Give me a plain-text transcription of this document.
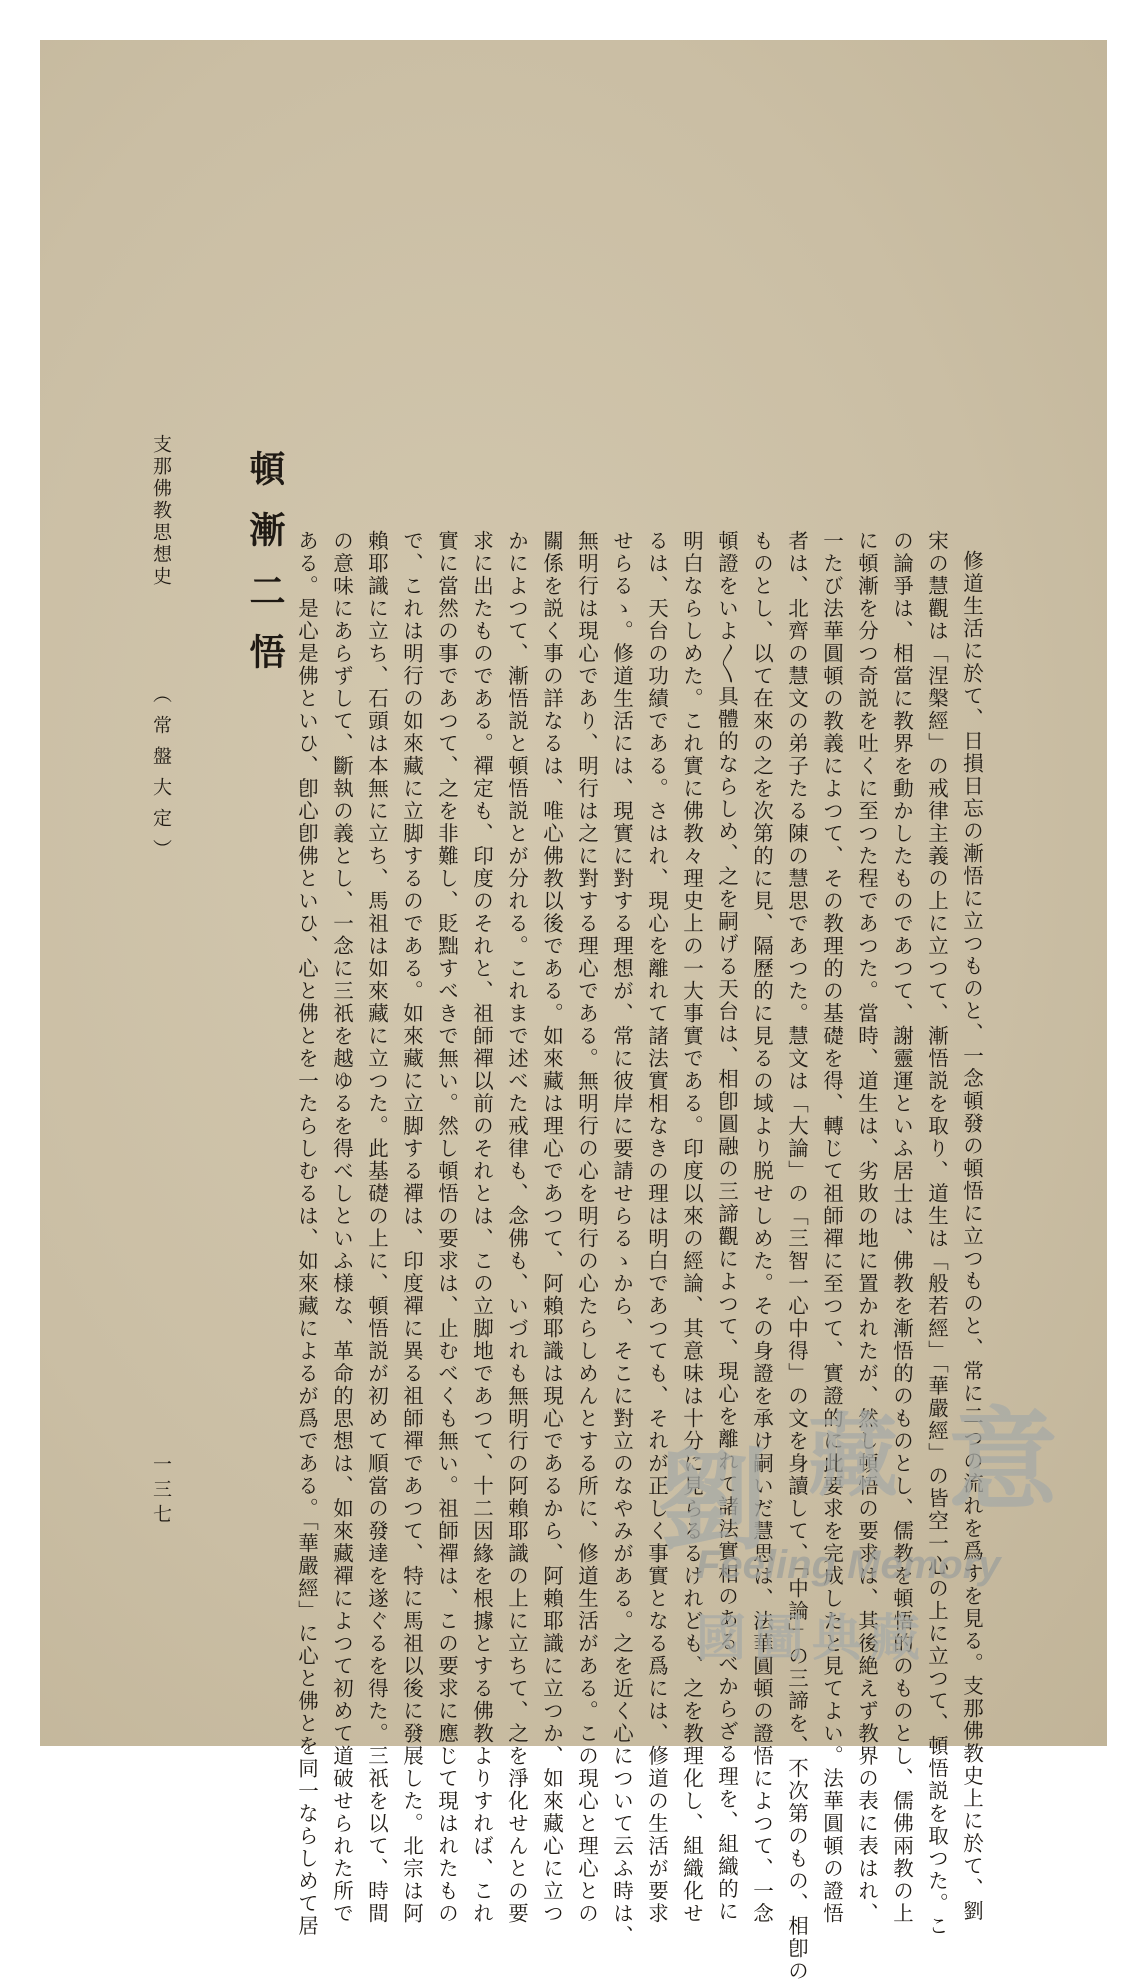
頓漸二悟	修道生活に於て、日損日忘の漸悟に立つものと、一念頓發の頓悟に立つものと、常に二つの流れを爲すを見る。支那佛教史上に於て、劉
宋の慧觀は「涅槃經」の戒律主義の上に立つて、漸悟説を取り、道生は「般若經」「華嚴經」の皆空一心の上に立つて、頓悟説を取つた。こ
の論爭は、相當に教界を動かしたものであつて、謝靈運といふ居士は、佛教を漸悟的のものとし、儒教を頓悟的のものとし、儒佛兩教の上
に頓漸を分つ奇説を吐くに至つた程であつた。當時、道生は、劣敗の地に置かれたが、然し頓悟の要求は、其後絶えず教界の表に表はれ、
一たび法華圓頓の教義によつて、その教理的の基礎を得、轉じて祖師禪に至つて、實證的に此要求を完成したと見てよい。法華圓頓の證悟
者は、北齊の慧文の弟子たる陳の慧思であつた。慧文は「大論」の「三智一心中得」の文を身讀して、「中論」の三諦を、不次第のもの、相卽の
ものとし、以て在來の之を次第的に見、隔歷的に見るの域より脱せしめた。その身證を承け嗣いだ慧思は、法華圓頓の證悟によつて、一念
頓證をいよ〳〵具體的ならしめ、之を嗣げる天台は、相卽圓融の三諦觀によつて、現心を離れて諸法實相のあるべからざる理を、組織的に
明白ならしめた。これ實に佛教々理史上の一大事實である。印度以來の經論、其意味は十分に見らるるけれども、之を教理化し、組織化せ
るは、天台の功績である。さはれ、現心を離れて諸法實相なきの理は明白であつても、それが正しく事實となる爲には、修道の生活が要求
せらるゝ。修道生活には、現實に對する理想が、常に彼岸に要請せらるゝから、そこに對立のなやみがある。之を近く心について云ふ時は、
無明行は現心であり、明行は之に對する理心である。無明行の心を明行の心たらしめんとする所に、修道生活がある。この現心と理心との
關係を説く事の詳なるは、唯心佛教以後である。如來藏は理心であつて、阿賴耶識は現心であるから、阿賴耶識に立つか、如來藏心に立つ
かによつて、漸悟説と頓悟説とが分れる。これまで述べた戒律も、念佛も、いづれも無明行の阿賴耶識の上に立ちて、之を淨化せんとの要
求に出たものである。禪定も、印度のそれと、祖師禪以前のそれとは、この立脚地であつて、十二因緣を根據とする佛教よりすれば、これ
實に當然の事であつて、之を非難し、貶黜すべきで無い。然し頓悟の要求は、止むべくも無い。祖師禪は、この要求に應じて現はれたもの
で、これは明行の如來藏に立脚するのである。如來藏に立脚する禪は、印度禪に異る祖師禪であつて、特に馬祖以後に發展した。北宗は阿
賴耶識に立ち、石頭は本無に立ち、馬祖は如來藏に立つた。此基礎の上に、頓悟説が初めて順當の發達を遂ぐるを得た。三祇を以て、時間
の意味にあらずして、斷執の義とし、一念に三祇を越ゆるを得べしといふ様な、革命的思想は、如來藏禪によつて初めて道破せられた所で
ある。是心是佛といひ、卽心卽佛といひ、心と佛とを一たらしむるは、如來藏によるが爲である。「華嚴經」に心と佛とを同一ならしめて居
支那佛教思想史
（常盤大定）
一三七	劉 意
藏
Feeling Memory
國圖典藏
